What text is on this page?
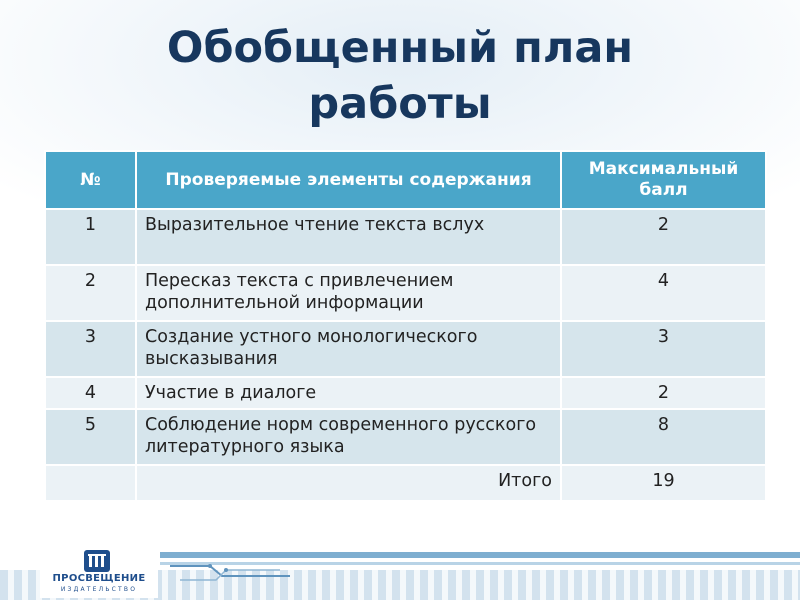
Обобщенный план
работы
№	Проверяемые элементы содержания	Максимальный балл
1	Выразительное чтение текста вслух	2
2	Пересказ текста с привлечением дополнительной информации	4
3	Создание устного монологического высказывания	3
4	Участие в диалоге	2
5	Соблюдение норм современного русского литературного языка	8
	Итого	19
ПРОСВЕЩЕНИЕ
ИЗДАТЕЛЬСТВО
